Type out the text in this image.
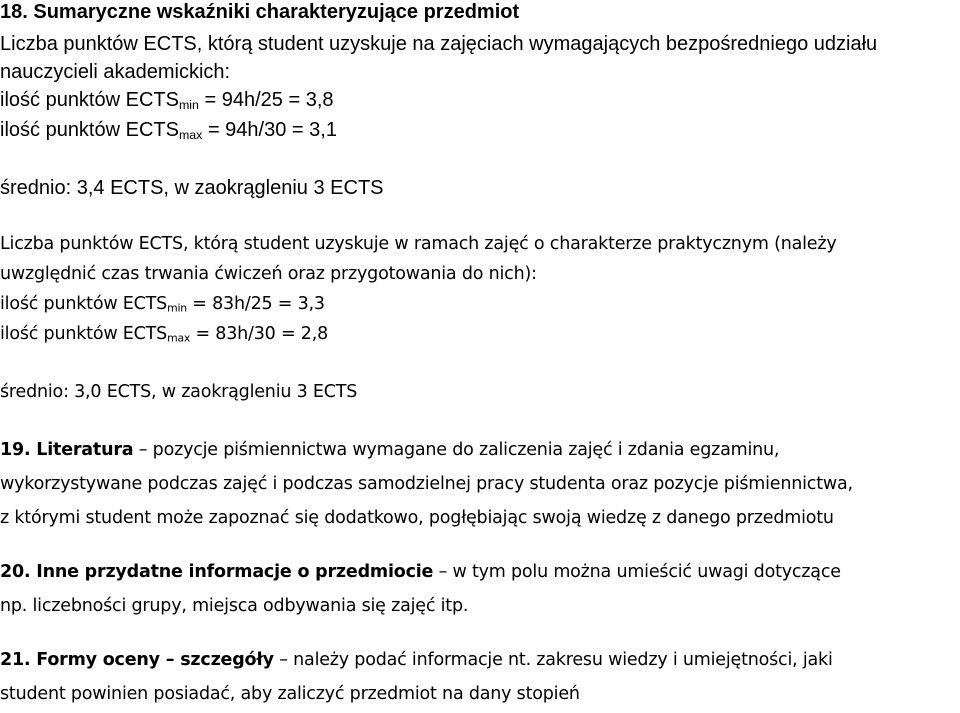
18. Sumaryczne wskaźniki charakteryzujące przedmiot
Liczba punktów ECTS, którą student uzyskuje na zajęciach wymagających bezpośredniego udziału
nauczycieli akademickich:
ilość punktów $ECTS_{min} = 94h/25 = 3,8$
ilość punktów $ECTS_{max} = 94h/30 = 3,1$
średnio: 3,4 ECTS, w zaokrągleniu 3 ECTS
Liczba punktów ECTS, którą student uzyskuje w ramach zajęć o charakterze praktycznym (należy
uwzględnić czas trwania ćwiczeń oraz przygotowania do nich):
ilość punktów $ECTS_{min} = 83h/25 = 3,3$
ilość punktów $ECTS_{max} = 83h/30 = 2,8$
średnio: 3,0 ECTS, w zaokrągleniu 3 ECTS
19. Literatura – pozycje piśmiennictwa wymagane do zaliczenia zajęć i zdania egzaminu,
wykorzystywane podczas zajęć i podczas samodzielnej pracy studenta oraz pozycje piśmiennictwa,
z którymi student może zapoznać się dodatkowo, pogłębiając swoją wiedzę z danego przedmiotu
20. Inne przydatne informacje o przedmiocie – w tym polu można umieścić uwagi dotyczące
np. liczebności grupy, miejsca odbywania się zajęć itp.
21. Formy oceny – szczegóły – należy podać informacje nt. zakresu wiedzy i umiejętności, jaki
student powinien posiadać, aby zaliczyć przedmiot na dany stopień
